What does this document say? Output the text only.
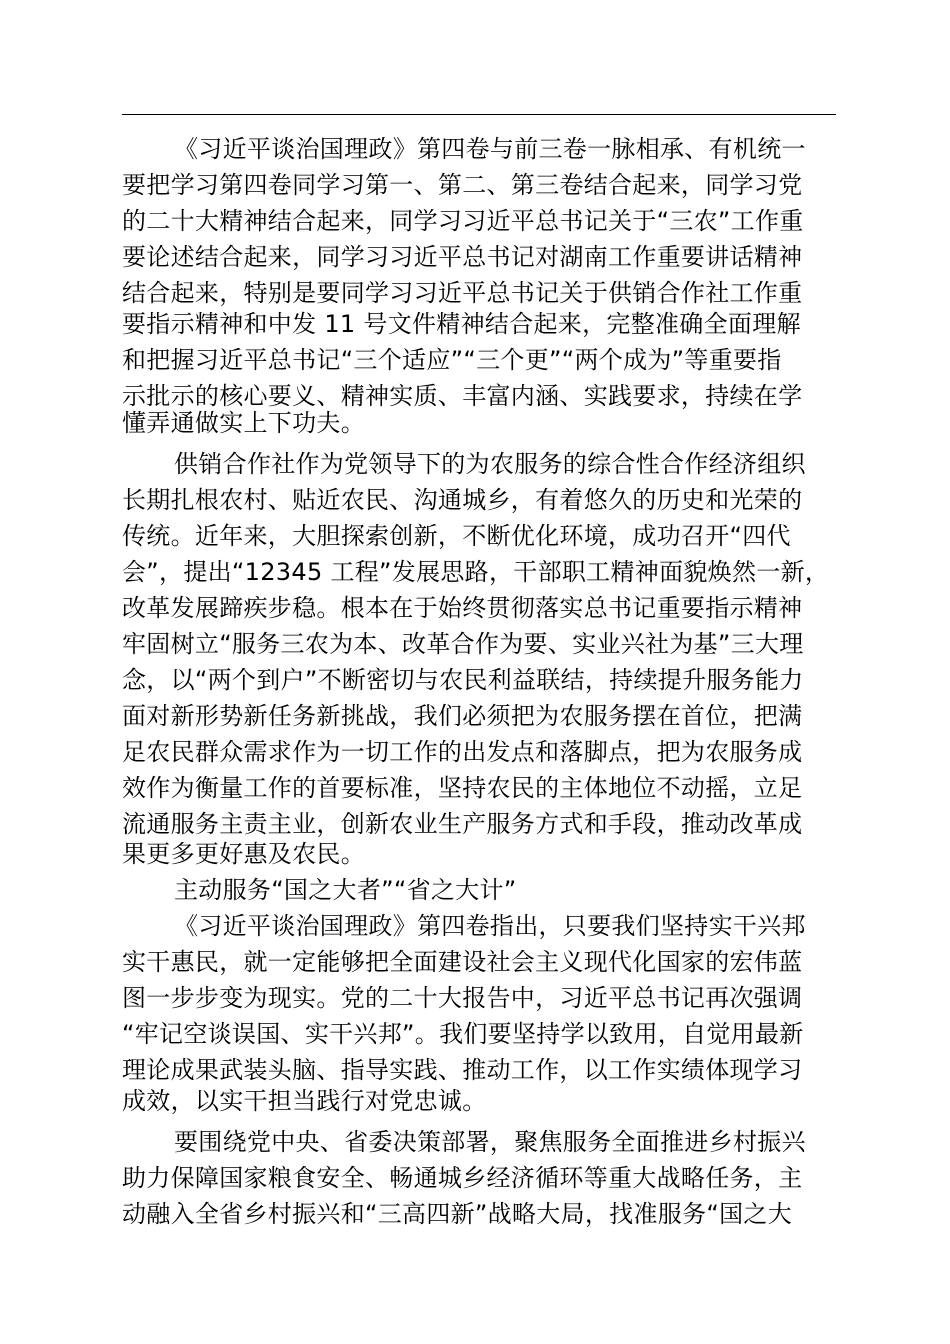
《习近平谈治国理政》第四卷与前三卷一脉相承、有机统一
要把学习第四卷同学习第一、第二、第三卷结合起来，同学习党
的二十大精神结合起来，同学习习近平总书记关于“三农”工作重
要论述结合起来，同学习习近平总书记对湖南工作重要讲话精神
结合起来，特别是要同学习习近平总书记关于供销合作社工作重
要指示精神和中发 11 号文件精神结合起来，完整准确全面理解
和把握习近平总书记“三个适应”“三个更”“两个成为”等重要指
示批示的核心要义、精神实质、丰富内涵、实践要求，持续在学
懂弄通做实上下功夫。
供销合作社作为党领导下的为农服务的综合性合作经济组织
长期扎根农村、贴近农民、沟通城乡，有着悠久的历史和光荣的
传统。近年来，大胆探索创新，不断优化环境，成功召开“四代
会”，提出“12345 工程”发展思路，干部职工精神面貌焕然一新，
改革发展蹄疾步稳。根本在于始终贯彻落实总书记重要指示精神
牢固树立“服务三农为本、改革合作为要、实业兴社为基”三大理
念，以“两个到户”不断密切与农民利益联结，持续提升服务能力
面对新形势新任务新挑战，我们必须把为农服务摆在首位，把满
足农民群众需求作为一切工作的出发点和落脚点，把为农服务成
效作为衡量工作的首要标准，坚持农民的主体地位不动摇，立足
流通服务主责主业，创新农业生产服务方式和手段，推动改革成
果更多更好惠及农民。
主动服务“国之大者”“省之大计”
《习近平谈治国理政》第四卷指出，只要我们坚持实干兴邦
实干惠民，就一定能够把全面建设社会主义现代化国家的宏伟蓝
图一步步变为现实。党的二十大报告中，习近平总书记再次强调
“牢记空谈误国、实干兴邦”。我们要坚持学以致用，自觉用最新
理论成果武装头脑、指导实践、推动工作，以工作实绩体现学习
成效，以实干担当践行对党忠诚。
要围绕党中央、省委决策部署，聚焦服务全面推进乡村振兴
助力保障国家粮食安全、畅通城乡经济循环等重大战略任务，主
动融入全省乡村振兴和“三高四新”战略大局，找准服务“国之大
